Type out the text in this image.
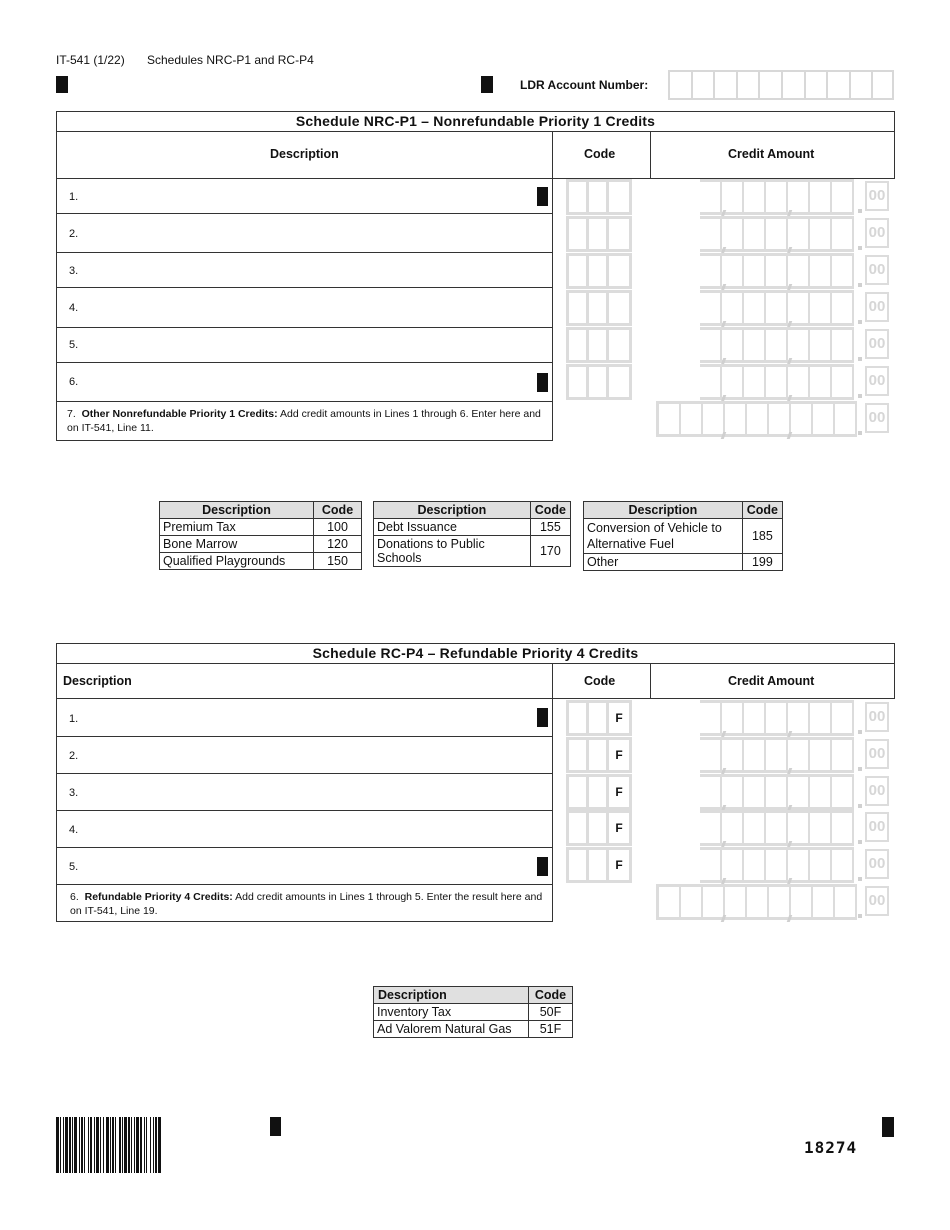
IT-541 (1/22) Schedules NRC-P1 and RC-P4
LDR Account Number:
Schedule NRC-P1 – Nonrefundable Priority 1 Credits
Description	Code	Credit Amount
1.
2.
3.
4.
5.
6.
7. Other Nonrefundable Priority 1 Credits: Add credit amounts in Lines 1 through 6. Enter here and on IT-541, Line 11.
00
00
00
00
00
00
00
Description	Code
Premium Tax	100
Bone Marrow	120
Qualified Playgrounds	150
Description	Code
Debt Issuance	155
Donations to Public Schools	170
Description	Code
Conversion of Vehicle to Alternative Fuel	185
Other	199
Schedule RC-P4 – Refundable Priority 4 Credits
Description	Code	Credit Amount
1.
2.
3.
4.
5.
6. Refundable Priority 4 Credits: Add credit amounts in Lines 1 through 5. Enter the result here and on IT-541, Line 19.
F	00
F	00
F	00
F	00
F	00
00
Description	Code
Inventory Tax	50F
Ad Valorem Natural Gas	51F
18274
